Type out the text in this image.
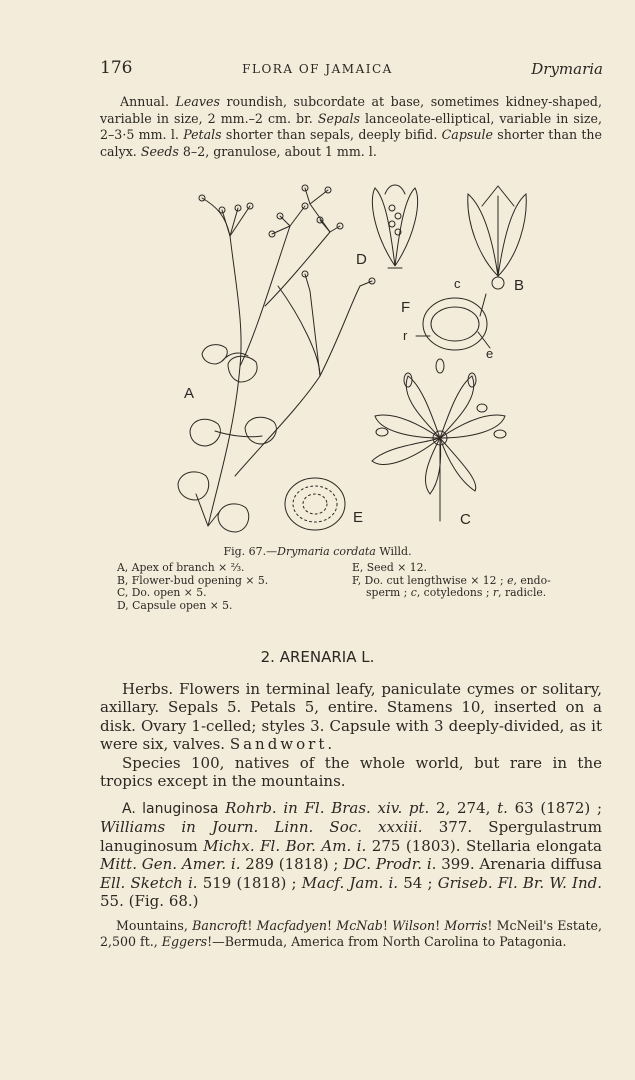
176	FLORA OF JAMAICA	Drymaria
Annual. Leaves roundish, subcordate at base, sometimes kidney-shaped, variable in size, 2 mm.–2 cm. br. Sepals lanceolate-elliptical, variable in size, 2–3·5 mm. l. Petals shorter than sepals, deeply bifid. Capsule shorter than the calyx. Seeds 8–2, granulose, about 1 mm. l.
A
B
C
D
E
F
c
e
r
Fig. 67.—Drymaria cordata Willd.
A, Apex of branch × ⅔.
B, Flower-bud opening × 5.
C, Do. open × 5.
D, Capsule open × 5.
E, Seed × 12.
F, Do. cut lengthwise × 12 ; e, endo-
sperm ; c, cotyledons ; r, radicle.
2. ARENARIA L.

Herbs. Flowers in terminal leafy, paniculate cymes or solitary, axillary. Sepals 5. Petals 5, entire. Stamens 10, inserted on a disk. Ovary 1-celled; styles 3. Capsule with 3 deeply-divided, as it were six, valves. Sandwort.

Species 100, natives of the whole world, but rare in the tropics except in the mountains.

A. lanuginosa Rohrb. in Fl. Bras. xiv. pt. 2, 274, t. 63 (1872) ; Williams in Journ. Linn. Soc. xxxiii. 377. Spergulastrum lanuginosum Michx. Fl. Bor. Am. i. 275 (1803). Stellaria elongata Mitt. Gen. Amer. i. 289 (1818) ; DC. Prodr. i. 399. Arenaria diffusa Ell. Sketch i. 519 (1818) ; Macf. Jam. i. 54 ; Griseb. Fl. Br. W. Ind. 55. (Fig. 68.)

Mountains, Bancroft! Macfadyen! McNab! Wilson! Morris! McNeil's Estate, 2,500 ft., Eggers!—Bermuda, America from North Carolina to Patagonia.
